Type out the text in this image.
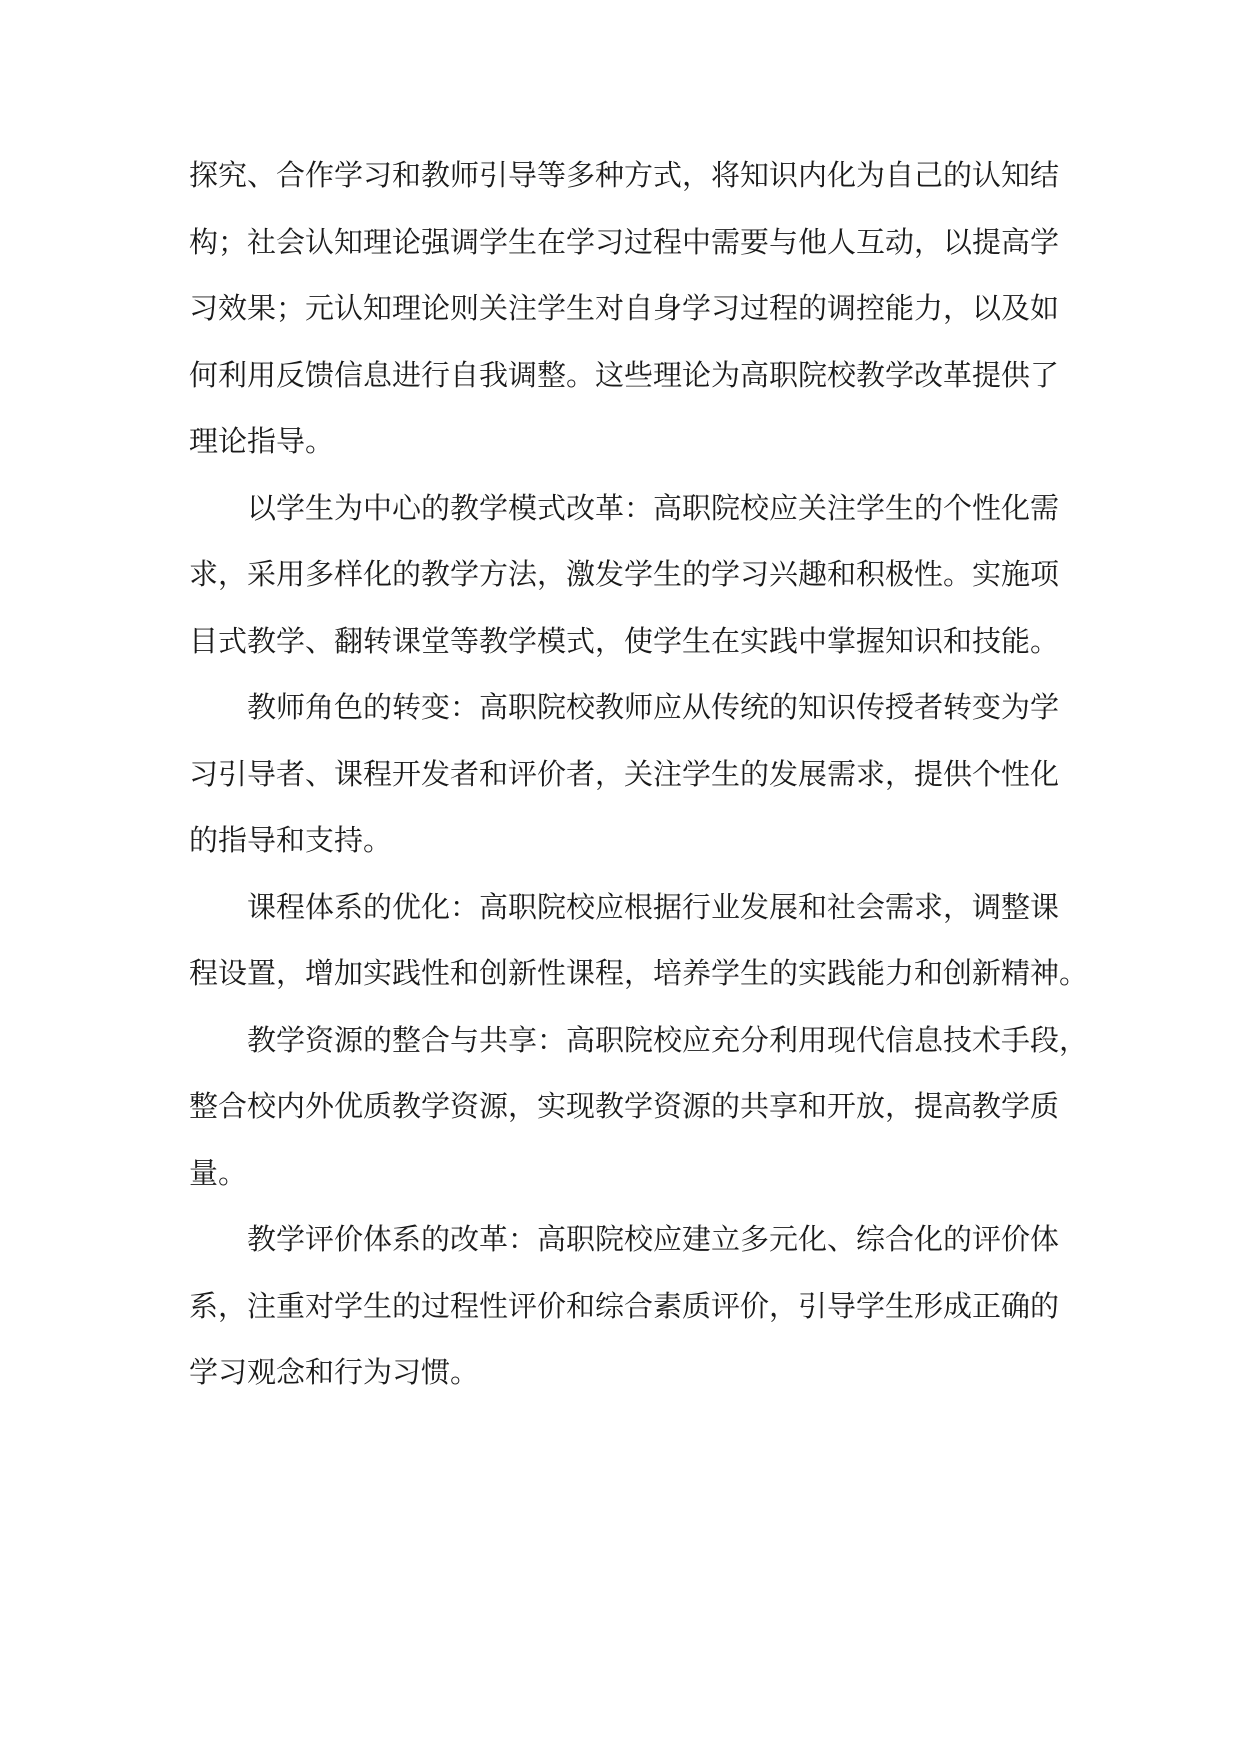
探究、合作学习和教师引导等多种方式，将知识内化为自己的认知结
构；社会认知理论强调学生在学习过程中需要与他人互动，以提高学
习效果；元认知理论则关注学生对自身学习过程的调控能力，以及如
何利用反馈信息进行自我调整。这些理论为高职院校教学改革提供了
理论指导。

以学生为中心的教学模式改革：高职院校应关注学生的个性化需
求，采用多样化的教学方法，激发学生的学习兴趣和积极性。实施项
目式教学、翻转课堂等教学模式，使学生在实践中掌握知识和技能。

教师角色的转变：高职院校教师应从传统的知识传授者转变为学
习引导者、课程开发者和评价者，关注学生的发展需求，提供个性化
的指导和支持。

课程体系的优化：高职院校应根据行业发展和社会需求，调整课
程设置，增加实践性和创新性课程，培养学生的实践能力和创新精神。

教学资源的整合与共享：高职院校应充分利用现代信息技术手段，
整合校内外优质教学资源，实现教学资源的共享和开放，提高教学质
量。

教学评价体系的改革：高职院校应建立多元化、综合化的评价体
系，注重对学生的过程性评价和综合素质评价，引导学生形成正确的
学习观念和行为习惯。
